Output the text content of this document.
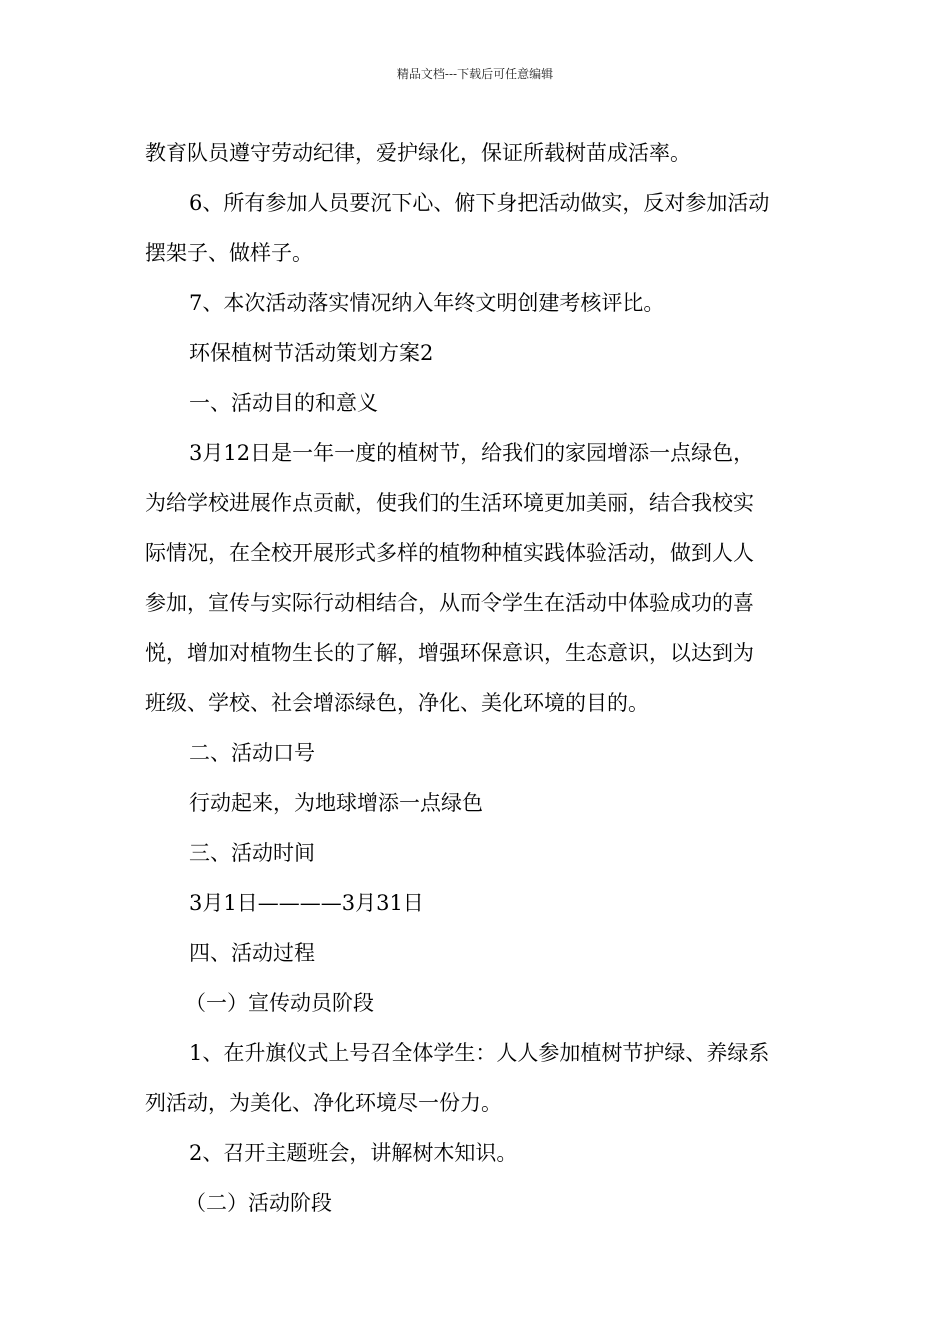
精品文档---下载后可任意编辑
教育队员遵守劳动纪律，爱护绿化，保证所载树苗成活率。
6、所有参加人员要沉下心、俯下身把活动做实，反对参加活动
摆架子、做样子。
7、本次活动落实情况纳入年终文明创建考核评比。
环保植树节活动策划方案2
一、活动目的和意义
3月12日是一年一度的植树节，给我们的家园增添一点绿色，
为给学校进展作点贡献，使我们的生活环境更加美丽，结合我校实
际情况，在全校开展形式多样的植物种植实践体验活动，做到人人
参加，宣传与实际行动相结合，从而令学生在活动中体验成功的喜
悦，增加对植物生长的了解，增强环保意识，生态意识，以达到为
班级、学校、社会增添绿色，净化、美化环境的目的。
二、活动口号
行动起来，为地球增添一点绿色
三、活动时间
3月1日————3月31日
四、活动过程
（一）宣传动员阶段
1、在升旗仪式上号召全体学生：人人参加植树节护绿、养绿系
列活动，为美化、净化环境尽一份力。
2、召开主题班会，讲解树木知识。
（二）活动阶段
